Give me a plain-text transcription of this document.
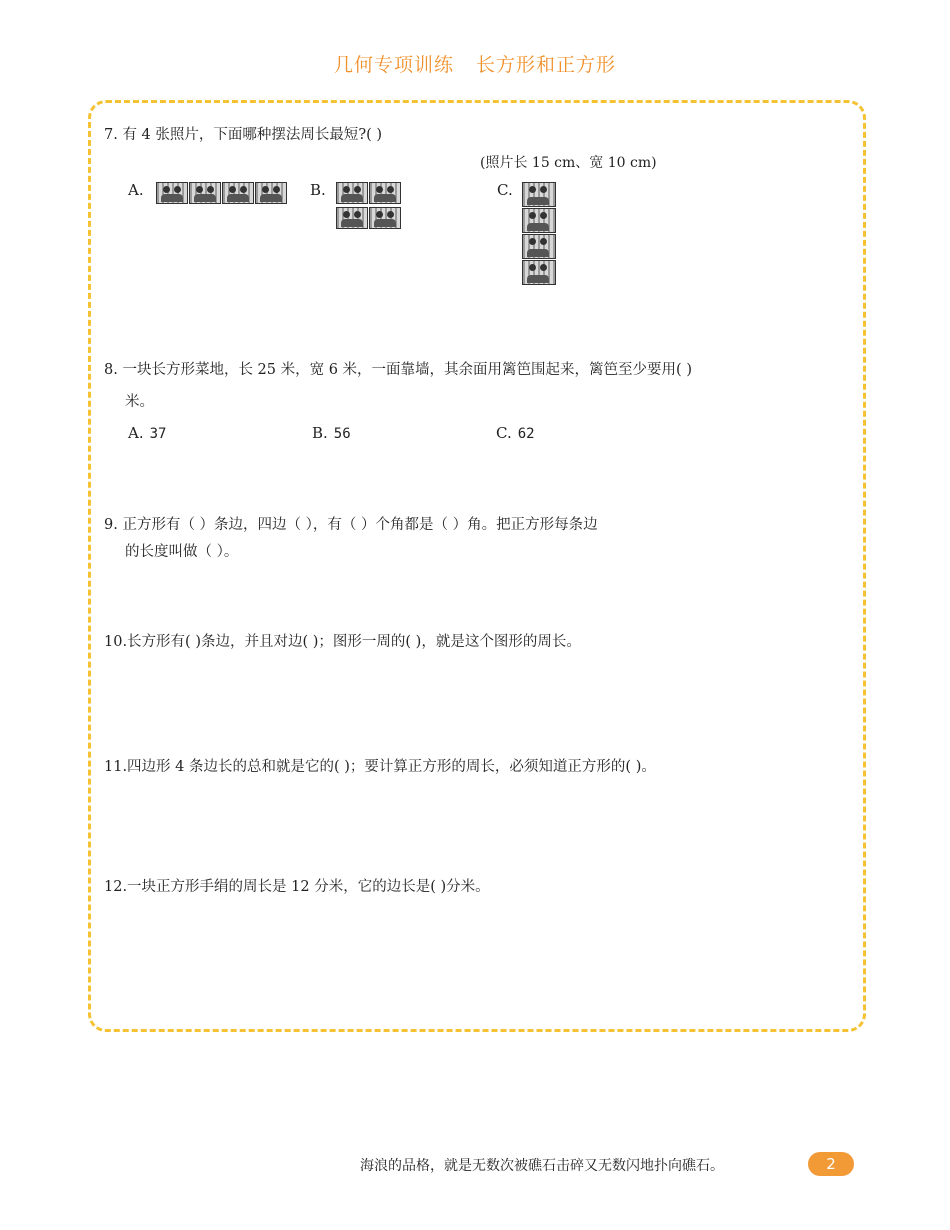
几何专项训练 长方形和正方形
7. 有 4 张照片，下面哪种摆法周长最短?( )
(照片长 15 cm、宽 10 cm)
A.	B.	C.
8. 一块长方形菜地，长 25 米，宽 6 米，一面靠墙，其余面用篱笆围起来，篱笆至少要用( )
米。
A. 37	B. 56	C. 62
9. 正方形有（ ）条边，四边（ ），有（ ）个角都是（ ）角。把正方形每条边
的长度叫做（ ）。
10.长方形有( )条边，并且对边( )；图形一周的( )，就是这个图形的周长。
11.四边形 4 条边长的总和就是它的( )；要计算正方形的周长，必须知道正方形的( )。
12.一块正方形手绢的周长是 12 分米，它的边长是( )分米。
海浪的品格，就是无数次被礁石击碎又无数闪地扑向礁石。	2
